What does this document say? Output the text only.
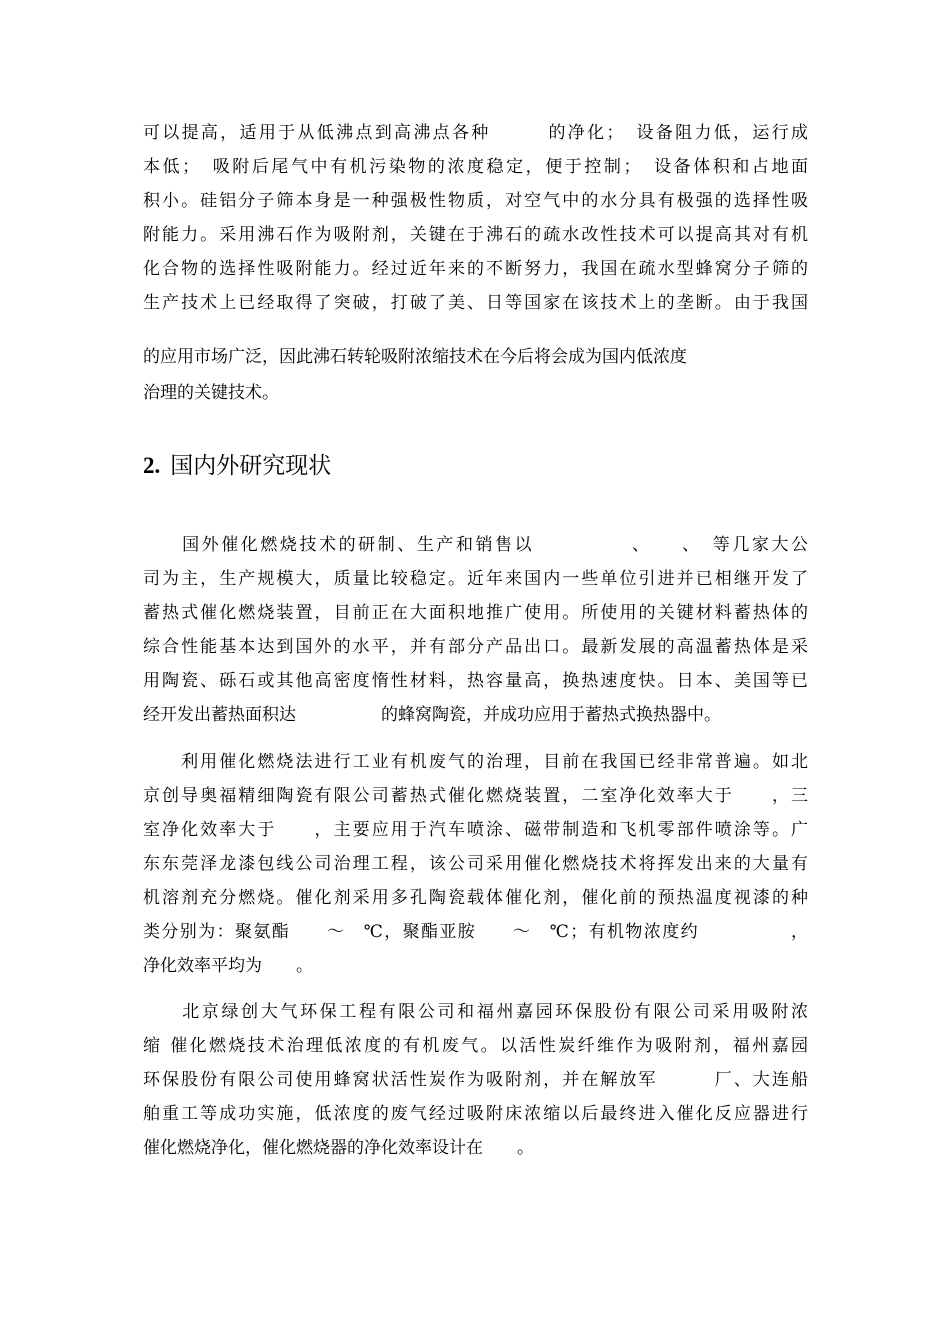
可以提高，适用于从低沸点到高沸点各种　　　的净化；　设备阻力低，运行成
本低；　吸附后尾气中有机污染物的浓度稳定，便于控制；　设备体积和占地面
积小。硅铝分子筛本身是一种强极性物质，对空气中的水分具有极强的选择性吸
附能力。采用沸石作为吸附剂，关键在于沸石的疏水改性技术可以提高其对有机
化合物的选择性吸附能力。经过近年来的不断努力，我国在疏水型蜂窝分子筛的
生产技术上已经取得了突破，打破了美、日等国家在该技术上的垄断。由于我国
的应用市场广泛，因此沸石转轮吸附浓缩技术在今后将会成为国内低浓度
治理的关键技术。
2. 国内外研究现状
　　国外催化燃烧技术的研制、生产和销售以　　　　　、　　、　等几家大公
司为主，生产规模大，质量比较稳定。近年来国内一些单位引进并已相继开发了
蓄热式催化燃烧装置，目前正在大面积地推广使用。所使用的关键材料蓄热体的
综合性能基本达到国外的水平，并有部分产品出口。最新发展的高温蓄热体是采
用陶瓷、砾石或其他高密度惰性材料，热容量高，换热速度快。日本、美国等已
经开发出蓄热面积达　　　　　的蜂窝陶瓷，并成功应用于蓄热式换热器中。
　　利用催化燃烧法进行工业有机废气的治理，目前在我国已经非常普遍。如北
京创导奥福精细陶瓷有限公司蓄热式催化燃烧装置，二室净化效率大于　　，三
室净化效率大于　　，主要应用于汽车喷涂、磁带制造和飞机零部件喷涂等。广
东东莞泽龙漆包线公司治理工程，该公司采用催化燃烧技术将挥发出来的大量有
机溶剂充分燃烧。催化剂采用多孔陶瓷载体催化剂，催化前的预热温度视漆的种
类分别为：聚氨酯　　～　℃，聚酯亚胺　　～　℃；有机物浓度约　　　　　，
净化效率平均为　　。
　　北京绿创大气环保工程有限公司和福州嘉园环保股份有限公司采用吸附浓
缩 催化燃烧技术治理低浓度的有机废气。以活性炭纤维作为吸附剂，福州嘉园
环保股份有限公司使用蜂窝状活性炭作为吸附剂，并在解放军　　　厂、大连船
舶重工等成功实施，低浓度的废气经过吸附床浓缩以后最终进入催化反应器进行
催化燃烧净化，催化燃烧器的净化效率设计在　　。
